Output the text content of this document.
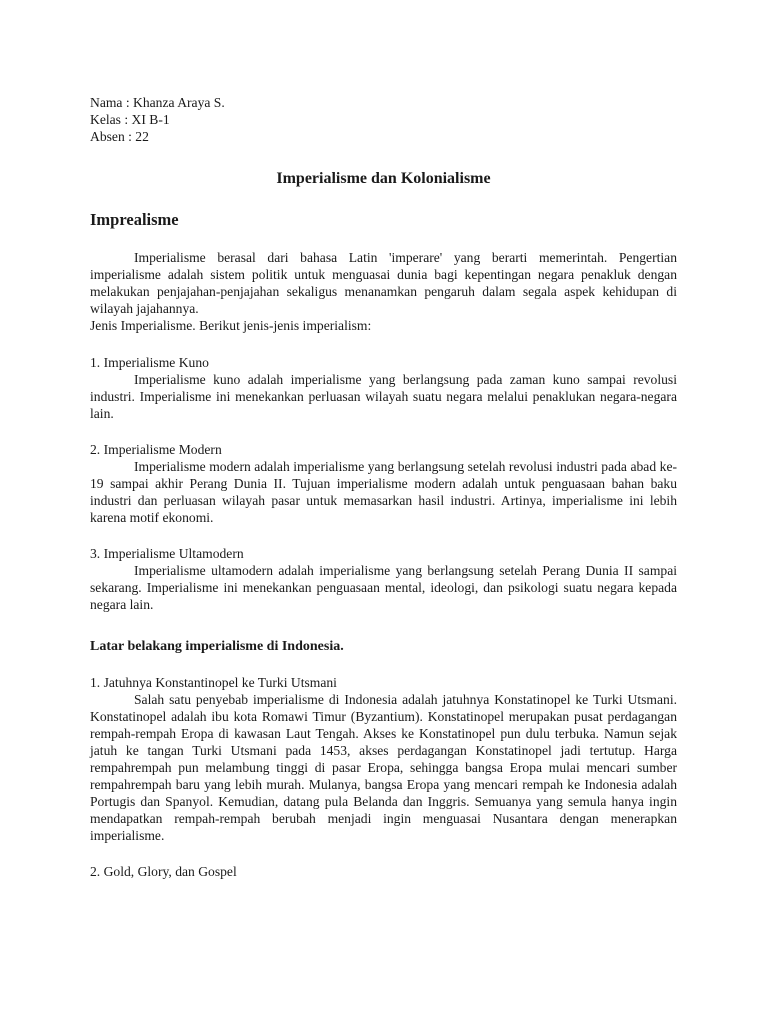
Nama : Khanza Araya S.

Kelas : XI B-1

Absen : 22

Imperialisme dan Kolonialisme
Imprealisme

Imperialisme berasal dari bahasa Latin 'imperare' yang berarti memerintah. Pengertian imperialisme adalah sistem politik untuk menguasai dunia bagi kepentingan negara penakluk dengan melakukan penjajahan-penjajahan sekaligus menanamkan pengaruh dalam segala aspek kehidupan di wilayah jajahannya.

Jenis Imperialisme. Berikut jenis-jenis imperialism:

1. Imperialisme Kuno

Imperialisme kuno adalah imperialisme yang berlangsung pada zaman kuno sampai revolusi industri. Imperialisme ini menekankan perluasan wilayah suatu negara melalui penaklukan negara-negara lain.

2. Imperialisme Modern

Imperialisme modern adalah imperialisme yang berlangsung setelah revolusi industri pada abad ke-19 sampai akhir Perang Dunia II. Tujuan imperialisme modern adalah untuk penguasaan bahan baku industri dan perluasan wilayah pasar untuk memasarkan hasil industri. Artinya, imperialisme ini lebih karena motif ekonomi.

3. Imperialisme Ultamodern

Imperialisme ultamodern adalah imperialisme yang berlangsung setelah Perang Dunia II sampai sekarang. Imperialisme ini menekankan penguasaan mental, ideologi, dan psikologi suatu negara kepada negara lain.

Latar belakang imperialisme di Indonesia.

1. Jatuhnya Konstantinopel ke Turki Utsmani

Salah satu penyebab imperialisme di Indonesia adalah jatuhnya Konstatinopel ke Turki Utsmani. Konstatinopel adalah ibu kota Romawi Timur (Byzantium). Konstatinopel merupakan pusat perdagangan rempah-rempah Eropa di kawasan Laut Tengah. Akses ke Konstatinopel pun dulu terbuka. Namun sejak jatuh ke tangan Turki Utsmani pada 1453, akses perdagangan Konstatinopel jadi tertutup. Harga rempahrempah pun melambung tinggi di pasar Eropa, sehingga bangsa Eropa mulai mencari sumber rempahrempah baru yang lebih murah. Mulanya, bangsa Eropa yang mencari rempah ke Indonesia adalah Portugis dan Spanyol. Kemudian, datang pula Belanda dan Inggris. Semuanya yang semula hanya ingin mendapatkan rempah-rempah berubah menjadi ingin menguasai Nusantara dengan menerapkan imperialisme.

2. Gold, Glory, dan Gospel
